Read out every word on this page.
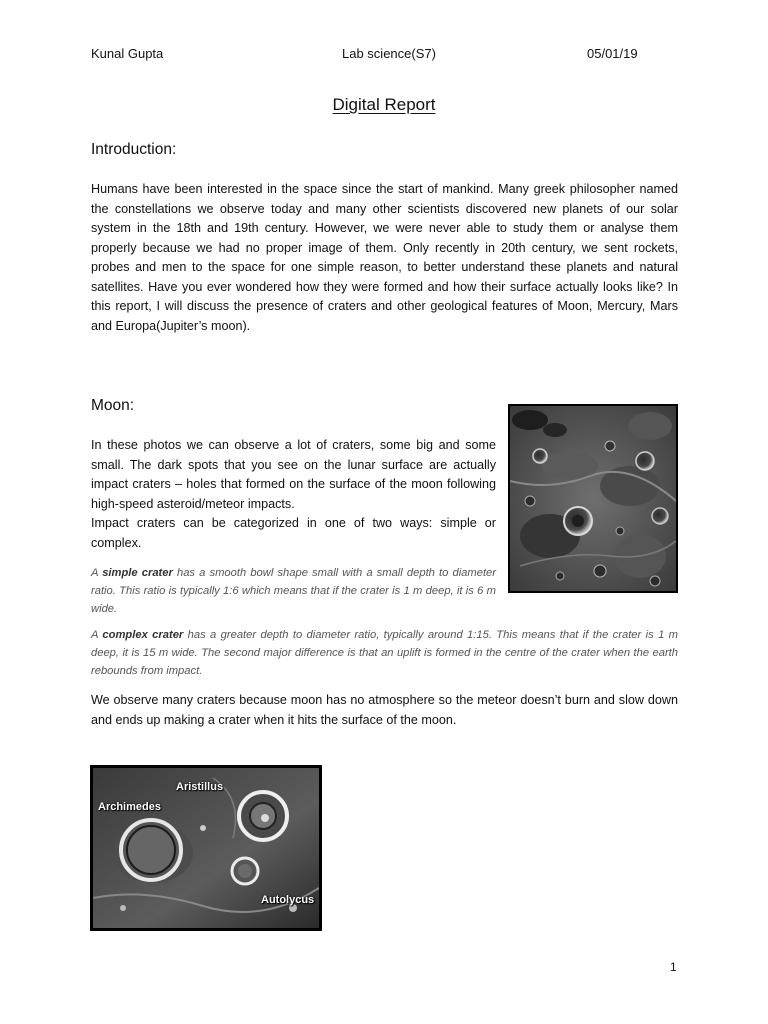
Kunal Gupta	Lab science(S7)	05/01/19
Digital Report
Introduction:
Humans have been interested in the space since the start of mankind. Many greek philosopher named the constellations we observe today and many other scientists discovered new planets of our solar system in the 18th and 19th century. However, we were never able to study them or analyse them properly because we had no proper image of them. Only recently in 20th century, we sent rockets, probes and men to the space for one simple reason, to better understand these planets and natural satellites. Have you ever wondered how they were formed and how their surface actually looks like? In this report, I will discuss the presence of craters and other geological features of Moon, Mercury, Mars and Europa(Jupiter’s moon).
Moon:
In these photos we can observe a lot of craters, some big and some small. The dark spots that you see on the lunar surface are actually impact craters – holes that formed on the surface of the moon following high-speed asteroid/meteor impacts.
Impact craters can be categorized in one of two ways: simple or complex.
A simple crater has a smooth bowl shape small with a small depth to diameter ratio. This ratio is typically 1:6 which means that if the crater is 1 m deep, it is 6 m wide.
A complex crater has a greater depth to diameter ratio, typically around 1:15. This means that if the crater is 1 m deep, it is 15 m wide. The second major difference is that an uplift is formed in the centre of the crater when the earth rebounds from impact.
We observe many craters because moon has no atmosphere so the meteor doesn’t burn and slow down and ends up making a crater when it hits the surface of the moon.
Aristillus
Archimedes
Autolycus
1
